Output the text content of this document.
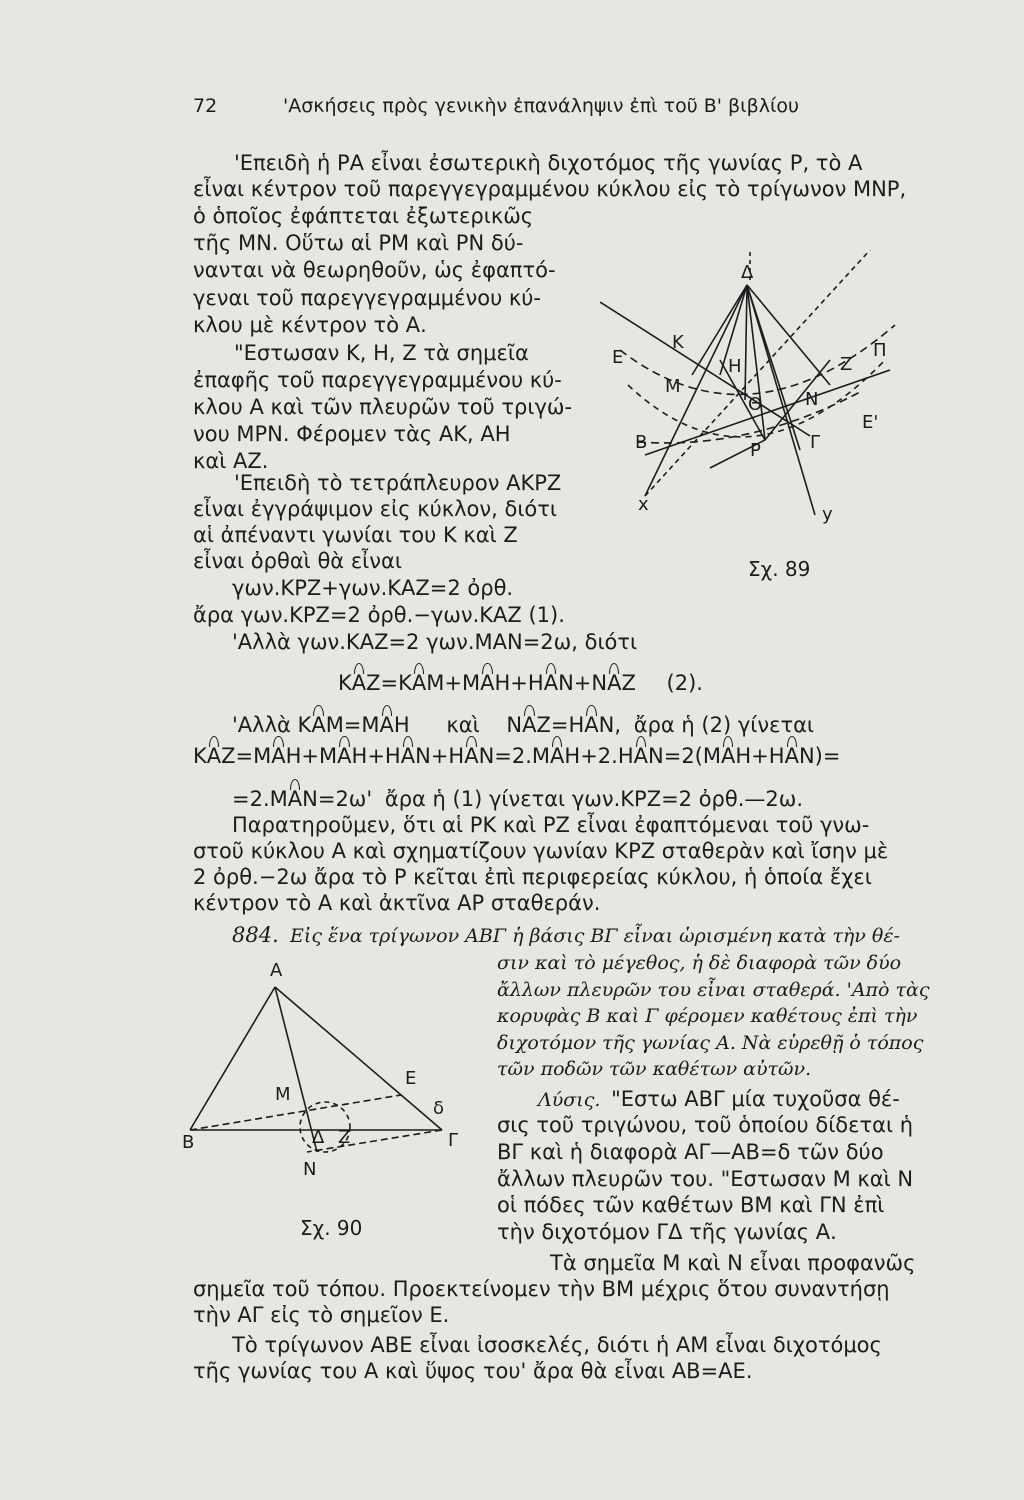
72	'Ασκήσεις πρὸς γενικὴν ἐπανάληψιν ἐπὶ τοῦ Β' βιβλίου
'Επειδὴ ἡ ΡΑ εἶναι ἐσωτερικὴ διχοτόμος τῆς γωνίας Ρ, τὸ Α
εἶναι κέντρον τοῦ παρεγγεγραμμένου κύκλου εἰς τὸ τρίγωνον ΜΝΡ,
ὁ ὁποῖος ἐφάπτεται ἐξωτερικῶς
τῆς ΜΝ. Οὕτω αἱ ΡΜ καὶ ΡΝ δύ-
νανται νὰ θεωρηθοῦν, ὡς ἐφαπτό-
γεναι τοῦ παρεγγεγραμμένου κύ-
κλου μὲ κέντρον τὸ Α.
"Εστωσαν Κ, Η, Ζ τὰ σημεῖα
ἐπαφῆς τοῦ παρεγγεγραμμένου κύ-
κλου Α καὶ τῶν πλευρῶν τοῦ τριγώ-
νου ΜΡΝ. Φέρομεν τὰς ΑΚ, ΑΗ
καὶ ΑΖ.
'Επειδὴ τὸ τετράπλευρον ΑΚΡΖ
εἶναι ἐγγράψιμον εἰς κύκλον, διότι
αἱ ἀπέναντι γωνίαι του Κ καὶ Ζ
εἶναι ὀρθαὶ θὰ εἶναι
γων.ΚΡΖ+γων.ΚΑΖ=2 ὀρθ.
ἄρα γων.ΚΡΖ=2 ὀρθ.−γων.ΚΑΖ (1).
'Αλλὰ γων.ΚΑΖ=2 γων.ΜΑΝ=2ω, διότι
Δ
Π
Ε
Ε'
Κ
Η	Ζ
Μ
Ν
Θ
Β	Ρ	Γ
x	y
Σχ. 89
KAZ=KAM+MAH+HAN+NAZ (2).
'Αλλὰ KAM=MAH καὶ NAZ=HAN, ἄρα ἡ (2) γίνεται
KAZ=MAH+MAH+HAN+HAN=2.MAH+2.HAN=2(MAH+HAN)=
=2.MAN=2ω' ἄρα ἡ (1) γίνεται γων.ΚΡΖ=2 ὀρθ.—2ω.
Παρατηροῦμεν, ὅτι αἱ ΡΚ καὶ ΡΖ εἶναι ἐφαπτόμεναι τοῦ γνω-
στοῦ κύκλου Α καὶ σχηματίζουν γωνίαν ΚΡΖ σταθερὰν καὶ ἴσην μὲ
2 ὀρθ.−2ω ἄρα τὸ Ρ κεῖται ἐπὶ περιφερείας κύκλου, ἡ ὁποία ἔχει
κέντρον τὸ Α καὶ ἀκτῖνα ΑΡ σταθεράν.
884. Εἰς ἕνα τρίγωνον ΑΒΓ ἡ βάσις ΒΓ εἶναι ὡρισμένη κατὰ τὴν θέ-
σιν καὶ τὸ μέγεθος, ἡ δὲ διαφορὰ τῶν δύο
ἄλλων πλευρῶν του εἶναι σταθερά. 'Απὸ τὰς
κορυφὰς Β καὶ Γ φέρομεν καθέτους ἐπὶ τὴν
διχοτόμον τῆς γωνίας Α. Νὰ εὑρεθῇ ὁ τόπος
τῶν ποδῶν τῶν καθέτων αὐτῶν.
Α
Β	Γ
Μ
Ν
Ε
δ
Δ Ζ
Σχ. 90
Λύσις. "Εστω ΑΒΓ μία τυχοῦσα θέ-
σις τοῦ τριγώνου, τοῦ ὁποίου δίδεται ἡ
ΒΓ καὶ ἡ διαφορὰ ΑΓ—ΑΒ=δ τῶν δύο
ἄλλων πλευρῶν του. "Εστωσαν Μ καὶ Ν
οἱ πόδες τῶν καθέτων ΒΜ καὶ ΓΝ ἐπὶ
τὴν διχοτόμον ΓΔ τῆς γωνίας Α.
Τὰ σημεῖα Μ καὶ Ν εἶναι προφανῶς
σημεῖα τοῦ τόπου. Προεκτείνομεν τὴν ΒΜ μέχρις ὅτου συναντήσῃ
τὴν ΑΓ εἰς τὸ σημεῖον Ε.
Τὸ τρίγωνον ΑΒΕ εἶναι ἰσοσκελές, διότι ἡ ΑΜ εἶναι διχοτόμος
τῆς γωνίας του Α καὶ ὕψος του' ἄρα θὰ εἶναι ΑΒ=ΑΕ.
